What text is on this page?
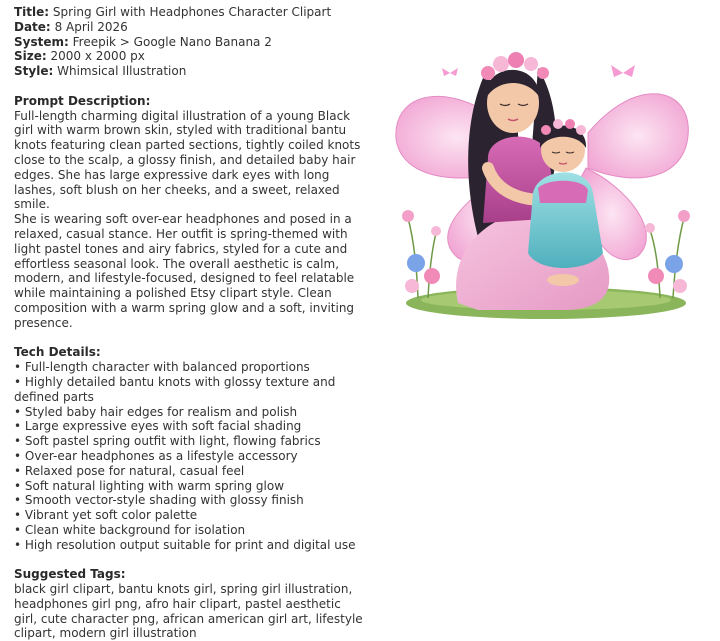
Title: Spring Girl with Headphones Character Clipart
Date: 8 April 2026
System: Freepik > Google Nano Banana 2
Size: 2000 x 2000 px
Style: Whimsical Illustration
Prompt Description:

Full-length charming digital illustration of a young Black girl with warm brown skin, styled with traditional bantu knots featuring clean parted sections, tightly coiled knots close to the scalp, a glossy finish, and detailed baby hair edges. She has large expressive dark eyes with long lashes, soft blush on her cheeks, and a sweet, relaxed smile.

She is wearing soft over-ear headphones and posed in a relaxed, casual stance. Her outfit is spring-themed with light pastel tones and airy fabrics, styled for a cute and effortless seasonal look. The overall aesthetic is calm, modern, and lifestyle-focused, designed to feel relatable while maintaining a polished Etsy clipart style. Clean composition with a warm spring glow and a soft, inviting presence.

Tech Details:
• Full-length character with balanced proportions
• Highly detailed bantu knots with glossy texture and defined parts
• Styled baby hair edges for realism and polish
• Large expressive eyes with soft facial shading
• Soft pastel spring outfit with light, flowing fabrics
• Over-ear headphones as a lifestyle accessory
• Relaxed pose for natural, casual feel
• Soft natural lighting with warm spring glow
• Smooth vector-style shading with glossy finish
• Vibrant yet soft color palette
• Clean white background for isolation
• High resolution output suitable for print and digital use
Suggested Tags:

black girl clipart, bantu knots girl, spring girl illustration, headphones girl png, afro hair clipart, pastel aesthetic girl, cute character png, african american girl art, lifestyle clipart, modern girl illustration
